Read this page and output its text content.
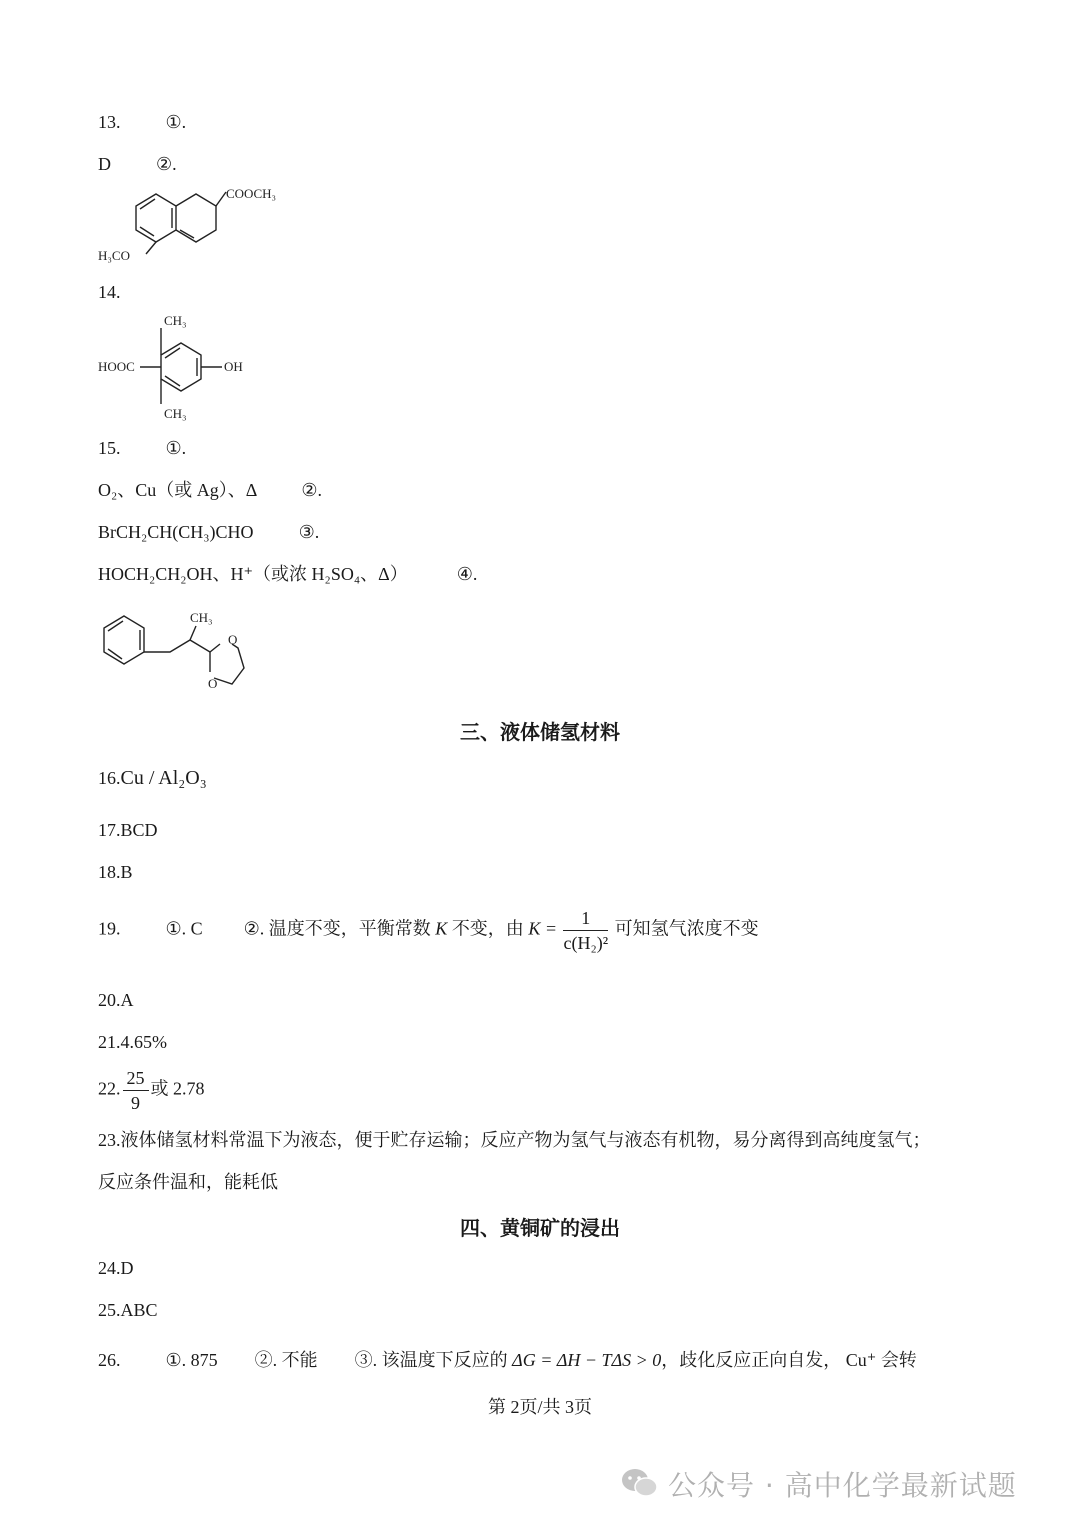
13.	①.
D	②.
COOCH₃
H₃CO
14.
CH₃
HOOC	OH
CH₃
15.	①.
O₂、Cu（或 Ag）、Δ	②.
BrCH₂CH(CH₃)CHO	③.
HOCH₂CH₂OH、H⁺（或浓 H₂SO₄、Δ）	④.
CH₃
O
O
三、液体储氢材料
16.Cu / Al₂O₃
17.BCD
18.B
19.	①. C ②. 温度不变，平衡常数 K 不变，由 $K = \frac{1}{\text{c(H₂)²}}$ 可知氢气浓度不变
20.A
21.4.65%
22. $\frac{25}{9}$ 或 2.78
23.液体储氢材料常温下为液态，便于贮存运输；反应产物为氢气与液态有机物，易分离得到高纯度氢气；
反应条件温和，能耗低
四、黄铜矿的浸出
24.D
25.ABC
26.	①. 875 ②. 不能 ③. 该温度下反应的 ΔG = ΔH − TΔS > 0，歧化反应正向自发， Cu⁺ 会转
第 2页/共 3页
公众号 · 高中化学最新试题
